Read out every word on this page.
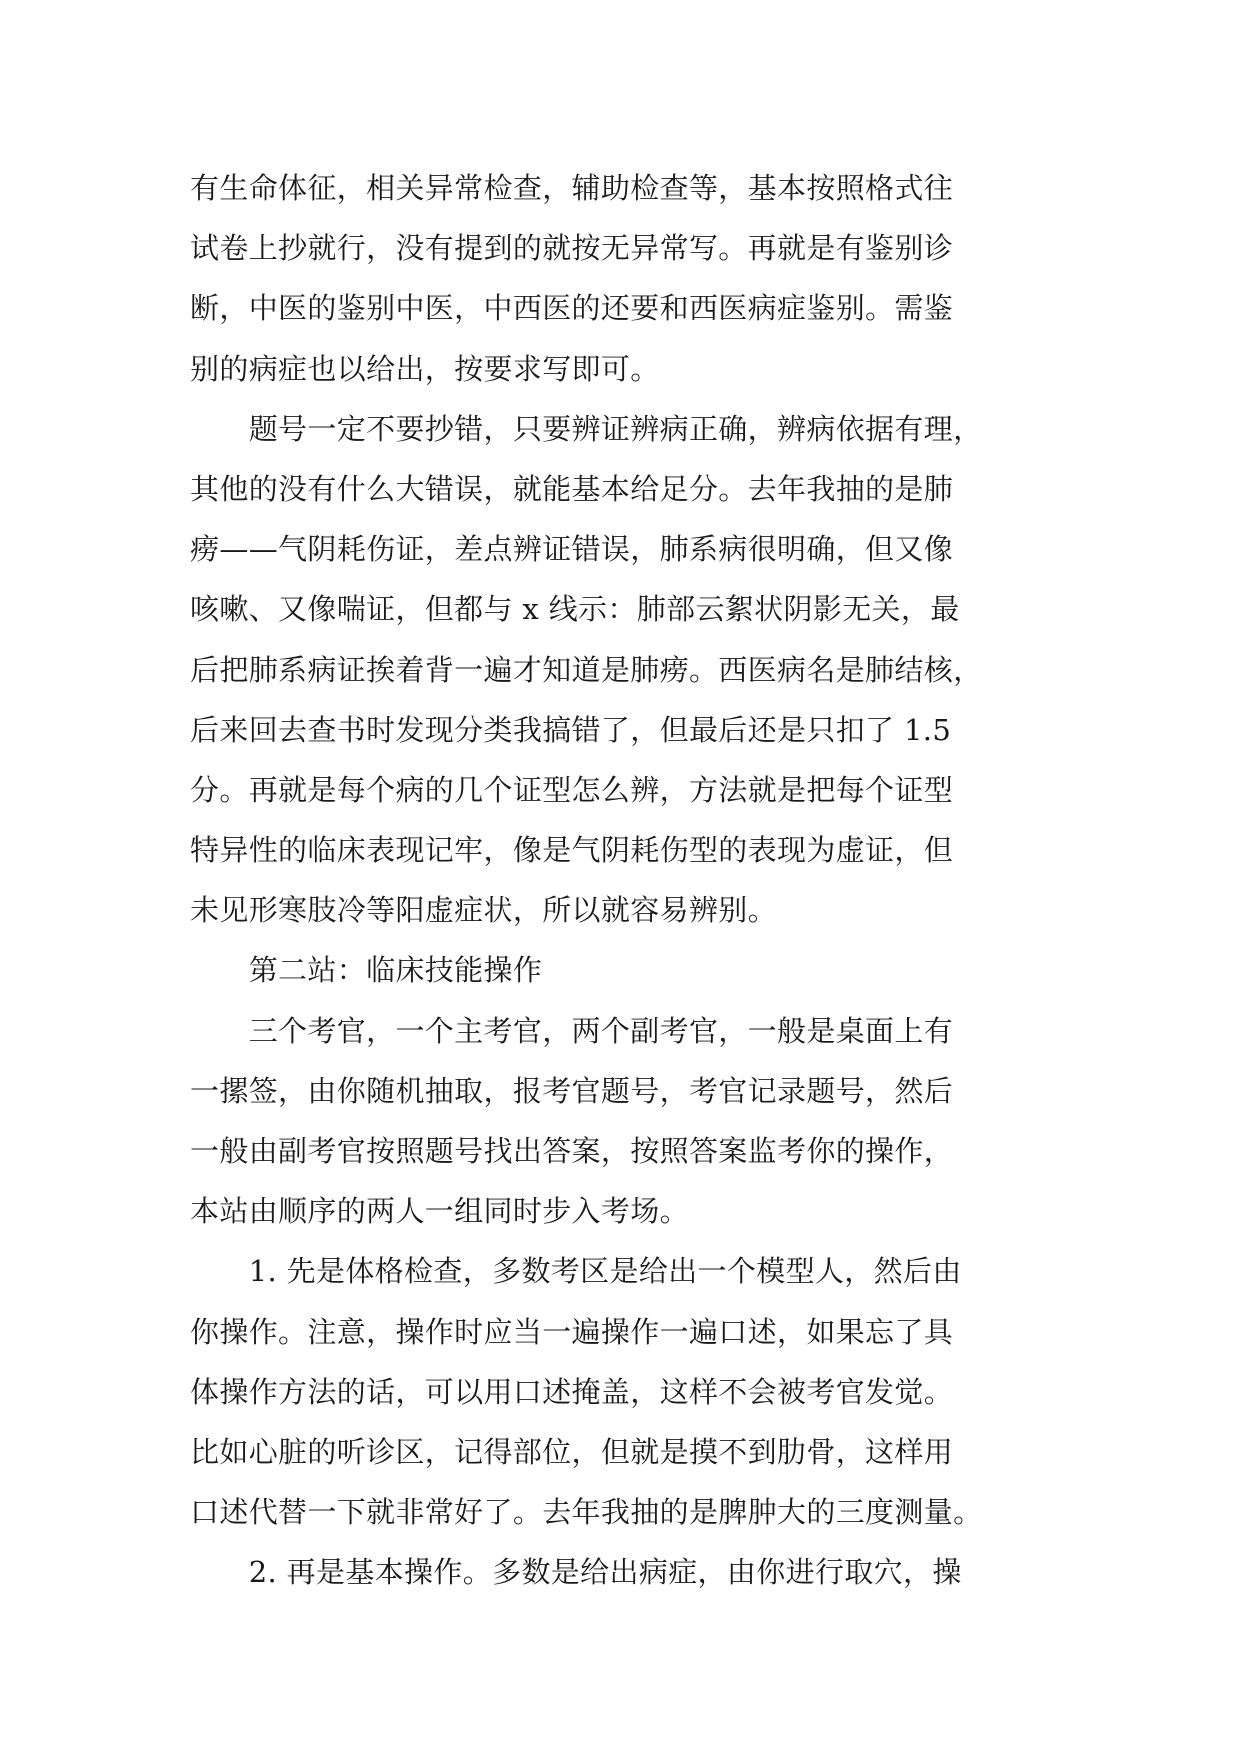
有生命体征，相关异常检查，辅助检查等，基本按照格式往
试卷上抄就行，没有提到的就按无异常写。再就是有鉴别诊
断，中医的鉴别中医，中西医的还要和西医病症鉴别。需鉴
别的病症也以给出，按要求写即可。
　　题号一定不要抄错，只要辨证辨病正确，辨病依据有理，
其他的没有什么大错误，就能基本给足分。去年我抽的是肺
痨——气阴耗伤证，差点辨证错误，肺系病很明确，但又像
咳嗽、又像喘证，但都与 x 线示：肺部云絮状阴影无关，最
后把肺系病证挨着背一遍才知道是肺痨。西医病名是肺结核，
后来回去查书时发现分类我搞错了，但最后还是只扣了 1.5
分。再就是每个病的几个证型怎么辨，方法就是把每个证型
特异性的临床表现记牢，像是气阴耗伤型的表现为虚证，但
未见形寒肢冷等阳虚症状，所以就容易辨别。
　　第二站：临床技能操作
　　三个考官，一个主考官，两个副考官，一般是桌面上有
一摞签，由你随机抽取，报考官题号，考官记录题号，然后
一般由副考官按照题号找出答案，按照答案监考你的操作，
本站由顺序的两人一组同时步入考场。
　　1. 先是体格检查，多数考区是给出一个模型人，然后由
你操作。注意，操作时应当一遍操作一遍口述，如果忘了具
体操作方法的话，可以用口述掩盖，这样不会被考官发觉。
比如心脏的听诊区，记得部位，但就是摸不到肋骨，这样用
口述代替一下就非常好了。去年我抽的是脾肿大的三度测量。
　　2. 再是基本操作。多数是给出病症，由你进行取穴，操
